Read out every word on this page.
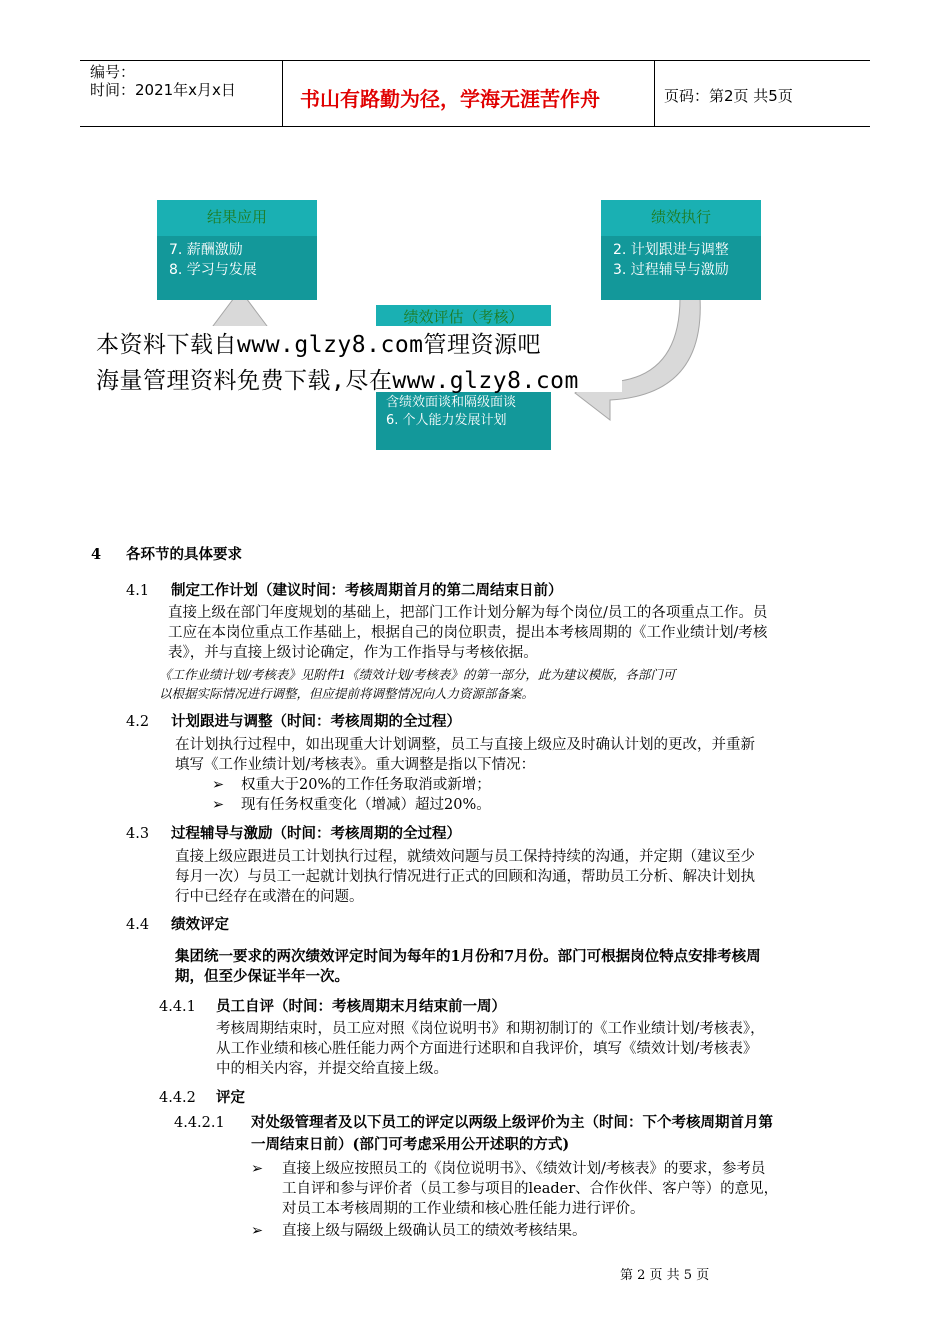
编号：
时间：2021年x月x日	书山有路勤为径，学海无涯苦作舟	页码：第2页 共5页
结果应用
7. 薪酬激励
8. 学习与发展
绩效执行
2. 计划跟进与调整
3. 过程辅导与激励
绩效评估（考核）
含绩效面谈和隔级面谈
6. 个人能力发展计划
本资料下载自www.glzy8.com管理资源吧
海量管理资料免费下载,尽在www.glzy8.com
4 各环节的具体要求
4.1 制定工作计划（建议时间：考核周期首月的第二周结束日前）
直接上级在部门年度规划的基础上，把部门工作计划分解为每个岗位/员工的各项重点工作。员
工应在本岗位重点工作基础上，根据自己的岗位职责，提出本考核周期的《工作业绩计划/考核
表》，并与直接上级讨论确定，作为工作指导与考核依据。
《工作业绩计划/考核表》见附件1《绩效计划/考核表》的第一部分，此为建议模版，各部门可
以根据实际情况进行调整，但应提前将调整情况向人力资源部备案。
4.2 计划跟进与调整（时间：考核周期的全过程）
在计划执行过程中，如出现重大计划调整，员工与直接上级应及时确认计划的更改，并重新
填写《工作业绩计划/考核表》。重大调整是指以下情况：
➢ 权重大于20%的工作任务取消或新增；
➢ 现有任务权重变化（增减）超过20%。
4.3 过程辅导与激励（时间：考核周期的全过程）
直接上级应跟进员工计划执行过程，就绩效问题与员工保持持续的沟通，并定期（建议至少
每月一次）与员工一起就计划执行情况进行正式的回顾和沟通，帮助员工分析、解决计划执
行中已经存在或潜在的问题。
4.4 绩效评定
集团统一要求的两次绩效评定时间为每年的1月份和7月份。部门可根据岗位特点安排考核周
期，但至少保证半年一次。
4.4.1 员工自评（时间：考核周期末月结束前一周）
考核周期结束时，员工应对照《岗位说明书》和期初制订的《工作业绩计划/考核表》，
从工作业绩和核心胜任能力两个方面进行述职和自我评价，填写《绩效计划/考核表》
中的相关内容，并提交给直接上级。
4.4.2 评定
4.4.2.1 对处级管理者及以下员工的评定以两级上级评价为主（时间：下个考核周期首月第
一周结束日前）(部门可考虑采用公开述职的方式)
➢ 直接上级应按照员工的《岗位说明书》、《绩效计划/考核表》的要求，参考员
工自评和参与评价者（员工参与项目的leader、合作伙伴、客户等）的意见，
对员工本考核周期的工作业绩和核心胜任能力进行评价。
➢ 直接上级与隔级上级确认员工的绩效考核结果。
第 2 页 共 5 页
